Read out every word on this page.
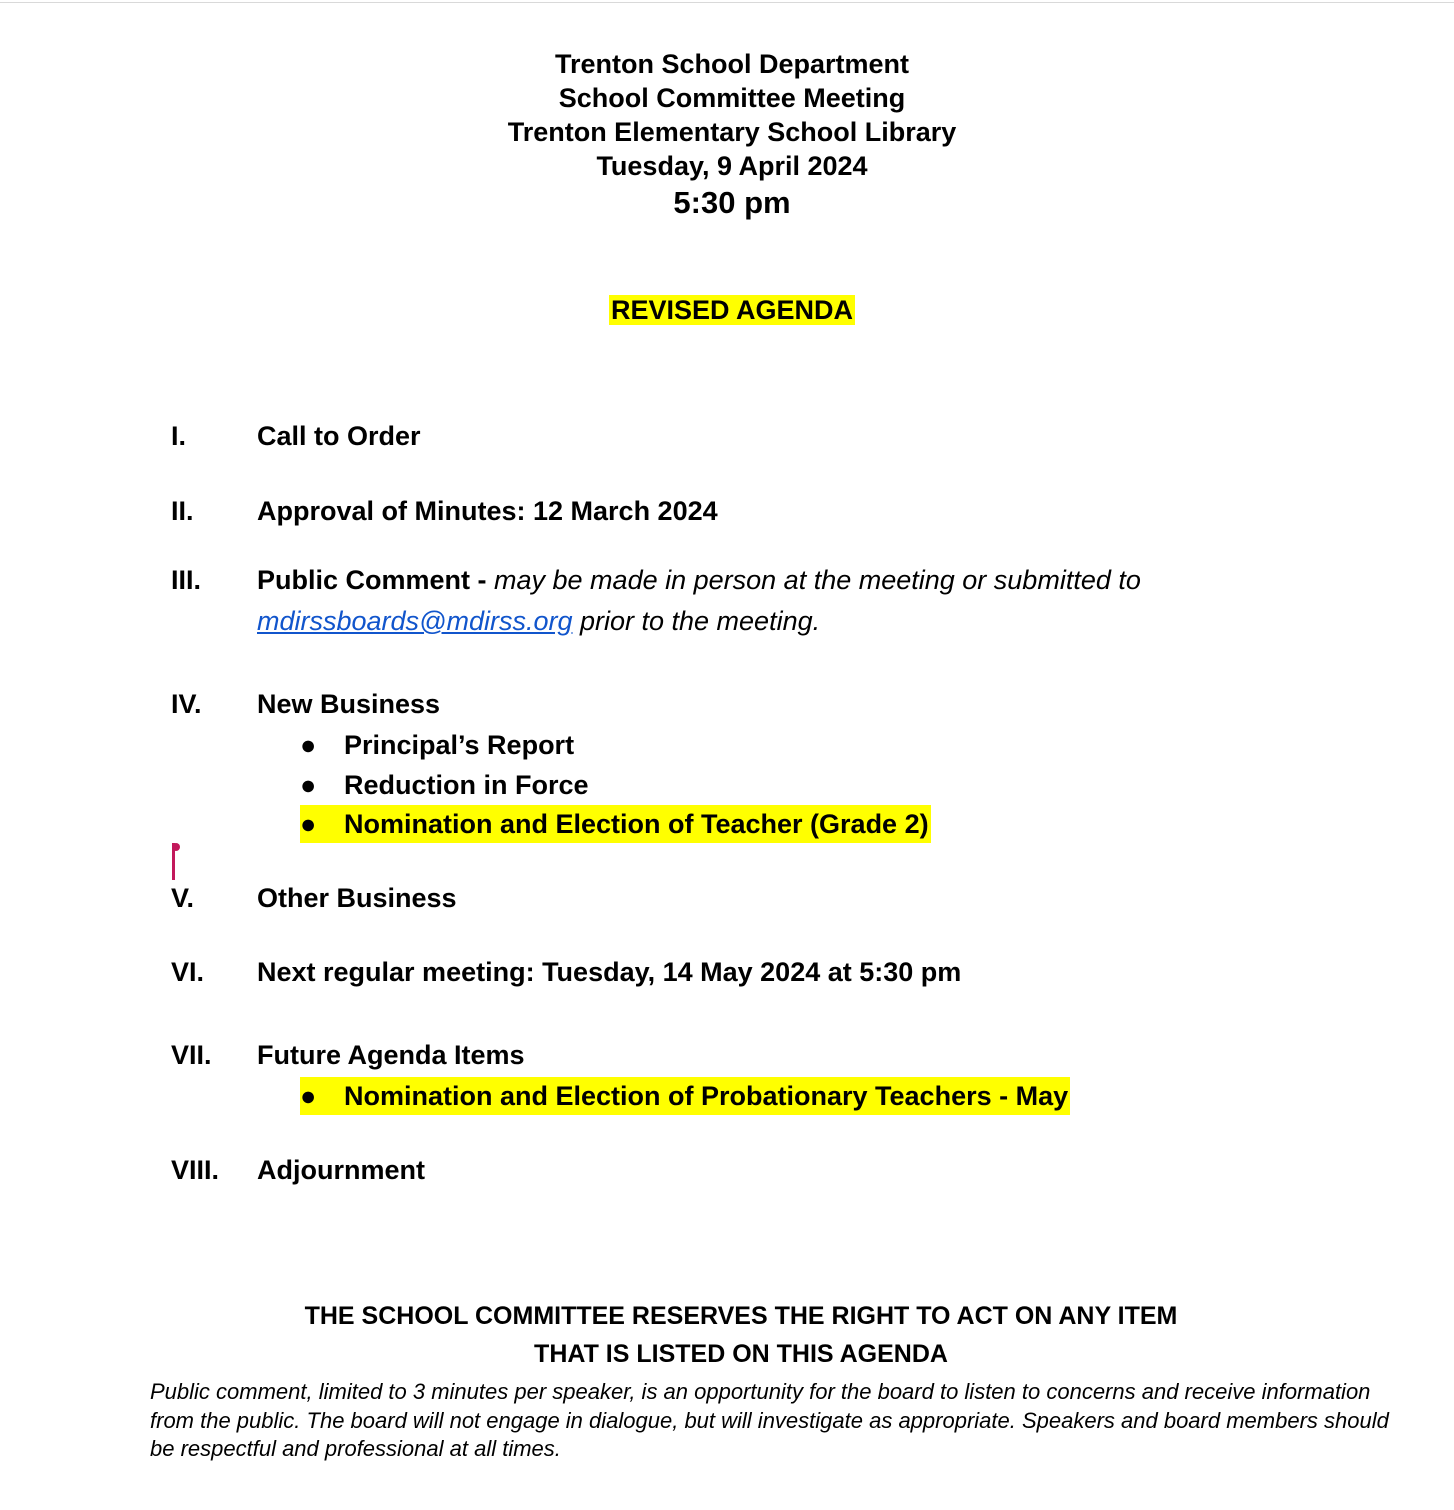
Trenton School Department
School Committee Meeting
Trenton Elementary School Library
Tuesday, 9 April 2024
5:30 pm
REVISED AGENDA
I.	Call to Order
II.	Approval of Minutes: 12 March 2024
III.	Public Comment - may be made in person at the meeting or submitted to
mdirssboards@mdirss.org prior to the meeting.
IV.	New Business
● Principal’s Report
● Reduction in Force
● Nomination and Election of Teacher (Grade 2)
V.	Other Business
VI.	Next regular meeting: Tuesday, 14 May 2024 at 5:30 pm
VII.	Future Agenda Items
● Nomination and Election of Probationary Teachers - May
VIII.	Adjournment
THE SCHOOL COMMITTEE RESERVES THE RIGHT TO ACT ON ANY ITEM
THAT IS LISTED ON THIS AGENDA
Public comment, limited to 3 minutes per speaker, is an opportunity for the board to listen to concerns and receive information from the public. The board will not engage in dialogue, but will investigate as appropriate. Speakers and board members should be respectful and professional at all times.
